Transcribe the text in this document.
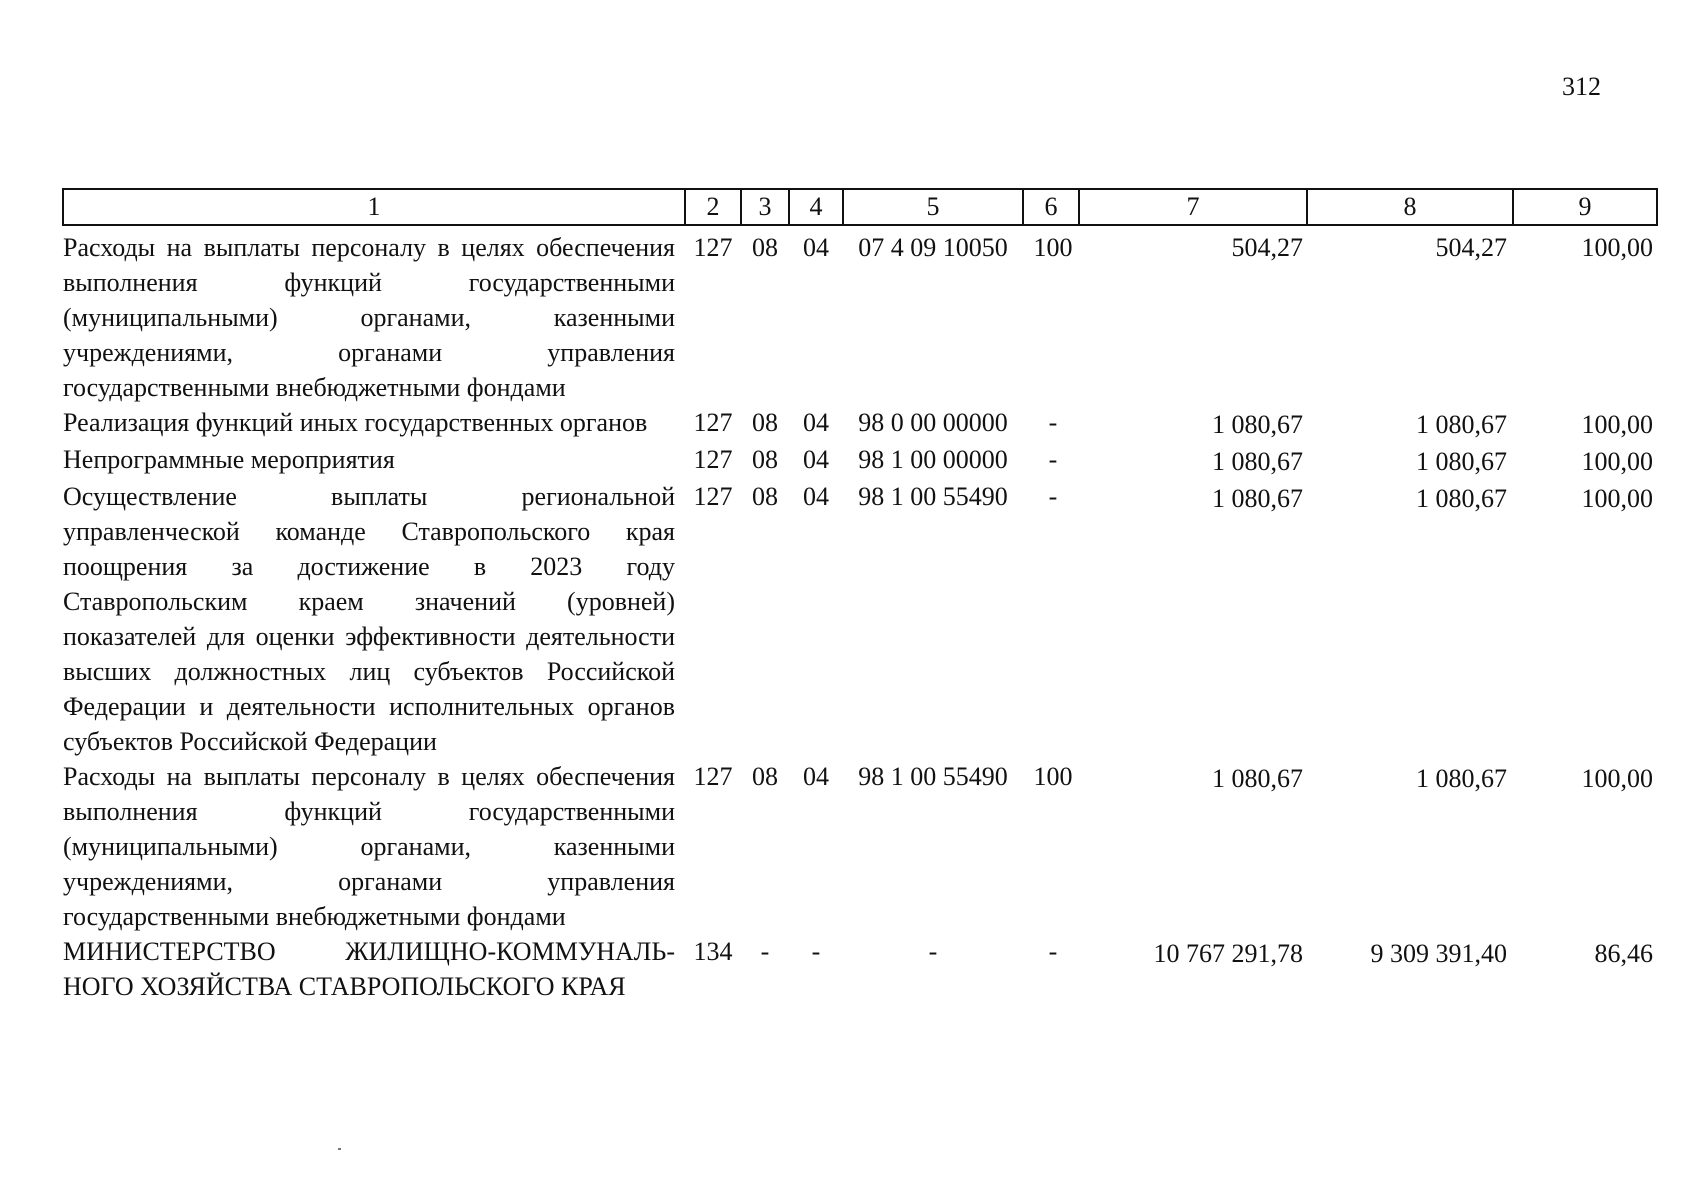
312
1	2	3	4	5	6	7	8	9
Расходы на выплаты персоналу в целях обеспечения выполнения функций государственными (муниципальными) органами, казенными учреждениями, органами управления государственными внебюджетными фондами	127	08	04	07 4 09 10050	100	504,27	504,27	100,00
Реализация функций иных государственных органов	127	08	04	98 0 00 00000	-	1 080,67	1 080,67	100,00
Непрограммные мероприятия	127	08	04	98 1 00 00000	-	1 080,67	1 080,67	100,00
Осуществление выплаты региональной управленческой команде Ставропольского края поощрения за достижение в 2023 году Ставропольским краем значений (уровней) показателей для оценки эффективности деятельности высших должностных лиц субъектов Российской Федерации и деятельности исполнительных органов субъектов Российской Федерации	127	08	04	98 1 00 55490	-	1 080,67	1 080,67	100,00
Расходы на выплаты персоналу в целях обеспечения выполнения функций государственными (муниципальными) органами, казенными учреждениями, органами управления государственными внебюджетными фондами	127	08	04	98 1 00 55490	100	1 080,67	1 080,67	100,00
МИНИСТЕРСТВО ЖИЛИЩНО-КОММУНАЛЬ-НОГО ХОЗЯЙСТВА СТАВРОПОЛЬСКОГО КРАЯ	134	-	-	-	-	10 767 291,78	9 309 391,40	86,46
